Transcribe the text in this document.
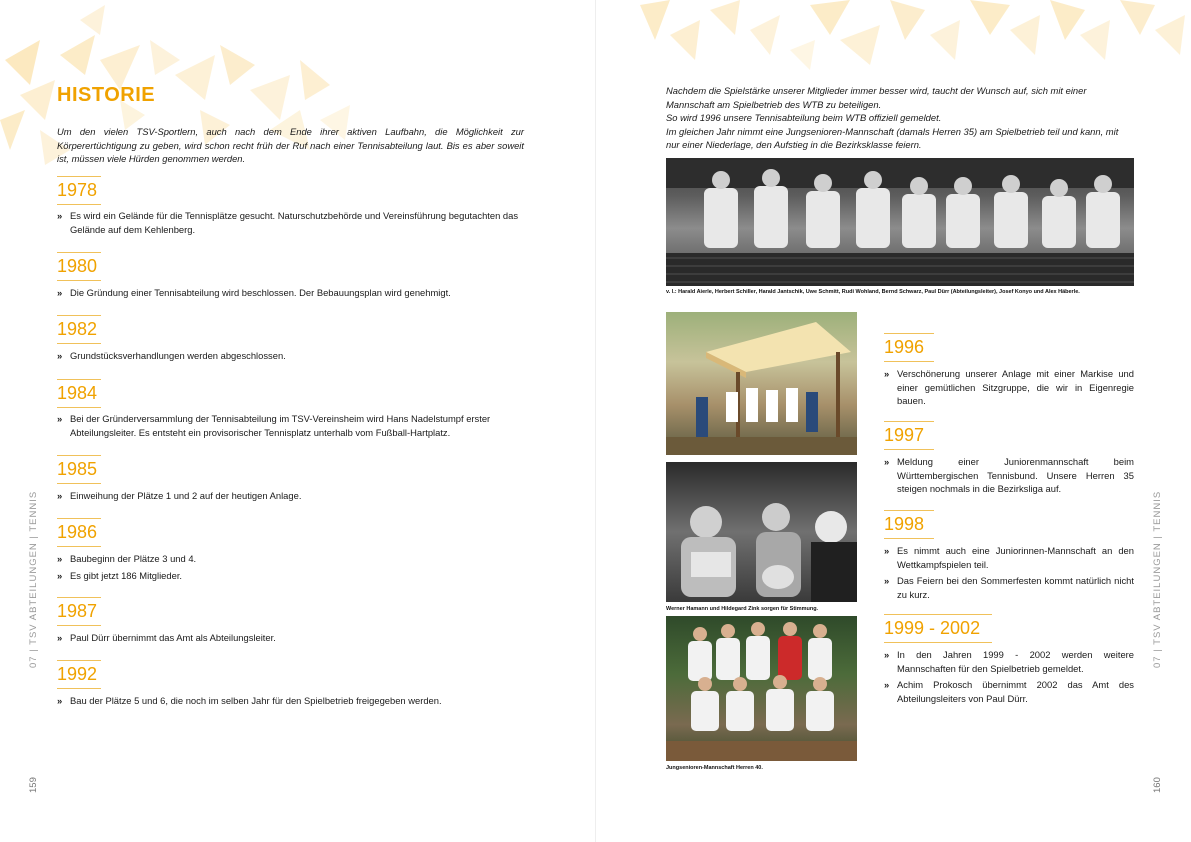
HISTORIE

Um den vielen TSV-Sportlern, auch nach dem Ende ihrer aktiven Laufbahn, die Möglichkeit zur Körperertüchtigung zu geben, wird schon recht früh der Ruf nach einer Tennisabteilung laut. Bis es aber soweit ist, müssen viele Hürden genommen werden.

1978
» Es wird ein Gelände für die Tennisplätze gesucht. Naturschutzbehörde und Vereinsführung begutachten das Gelände auf dem Kehlenberg.
1980
» Die Gründung einer Tennisabteilung wird beschlossen. Der Bebauungsplan wird genehmigt.
1982
» Grundstücksverhandlungen werden abgeschlossen.
1984
» Bei der Gründerversammlung der Tennisabteilung im TSV-Vereinsheim wird Hans Nadelstumpf erster Abteilungsleiter. Es entsteht ein provisorischer Tennisplatz unterhalb vom Fußball-Hartplatz.
1985
» Einweihung der Plätze 1 und 2 auf der heutigen Anlage.
1986
» Baubeginn der Plätze 3 und 4.
» Es gibt jetzt 186 Mitglieder.
1987
» Paul Dürr übernimmt das Amt als Abteilungsleiter.
1992
» Bau der Plätze 5 und 6, die noch im selben Jahr für den Spielbetrieb freigegeben werden.
07 | TSV ABTEILUNGEN | TENNIS
159
Nachdem die Spielstärke unserer Mitglieder immer besser wird, taucht der Wunsch auf, sich mit einer Mannschaft am Spielbetrieb des WTB zu beteiligen.
So wird 1996 unsere Tennisabteilung beim WTB offiziell gemeldet.
Im gleichen Jahr nimmt eine Jungsenioren-Mannschaft (damals Herren 35) am Spielbetrieb teil und kann, mit nur einer Niederlage, den Aufstieg in die Bezirksklasse feiern.
v. l.: Harald Aierle, Herbert Schiller, Harald Jantschik, Uwe Schmitt, Rudi Wohland, Bernd Schwarz, Paul Dürr (Abteilungsleiter), Josef Konyo und Alex Häberle.
Werner Hamann und Hildegard Zink sorgen für Stimmung.
Jungsenioren-Mannschaft Herren 40.
1996
» Verschönerung unserer Anlage mit einer Markise und einer gemütlichen Sitzgruppe, die wir in Eigenregie bauen.
1997
» Meldung einer Juniorenmannschaft beim Württembergischen Tennisbund. Unsere Herren 35 steigen nochmals in die Bezirksliga auf.
1998
» Es nimmt auch eine Juniorinnen-Mannschaft an den Wettkampfspielen teil.
» Das Feiern bei den Sommerfesten kommt natürlich nicht zu kurz.
1999 - 2002
» In den Jahren 1999 - 2002 werden weitere Mannschaften für den Spielbetrieb gemeldet.
» Achim Prokosch übernimmt 2002 das Amt des Abteilungsleiters von Paul Dürr.
07 | TSV ABTEILUNGEN | TENNIS
160
